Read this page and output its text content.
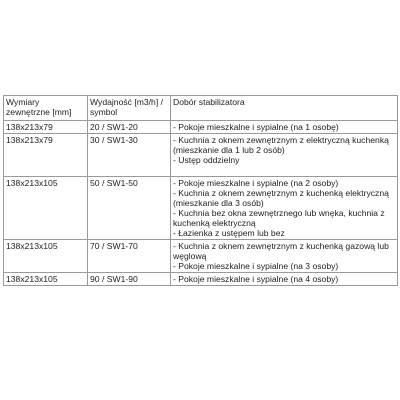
Wymiary zewnętrzne [mm]	Wydajność [m3/h] / symbol	Dobór stabilizatora
138x213x79	20 / SW1-20	- Pokoje mieszkalne i sypialne (na 1 osobę)

138x213x79	30 / SW1-30	- Kuchnia z oknem zewnętrznym z elektryczną kuchenką (mieszkanie dla 1 lub 2 osób)
- Ustęp oddzielny

138x213x105	50 / SW1-50	- Pokoje mieszkalne i sypialne (na 2 osoby)
- Kuchnia z oknem zewnętrznym z kuchenką elektryczną (mieszkanie dla 3 osób)
- Kuchnia bez okna zewnętrznego lub wnęka, kuchnia z kuchenką elektryczną
- Łazienka z ustępem lub bez

138x213x105	70 / SW1-70	- Kuchnia z oknem zewnętrznym z kuchenką gazową lub węglową
- Pokoje mieszkalne i sypialne (na 3 osoby)

138x213x105	90 / SW1-90	- Pokoje mieszkalne i sypialne (na 4 osoby)
